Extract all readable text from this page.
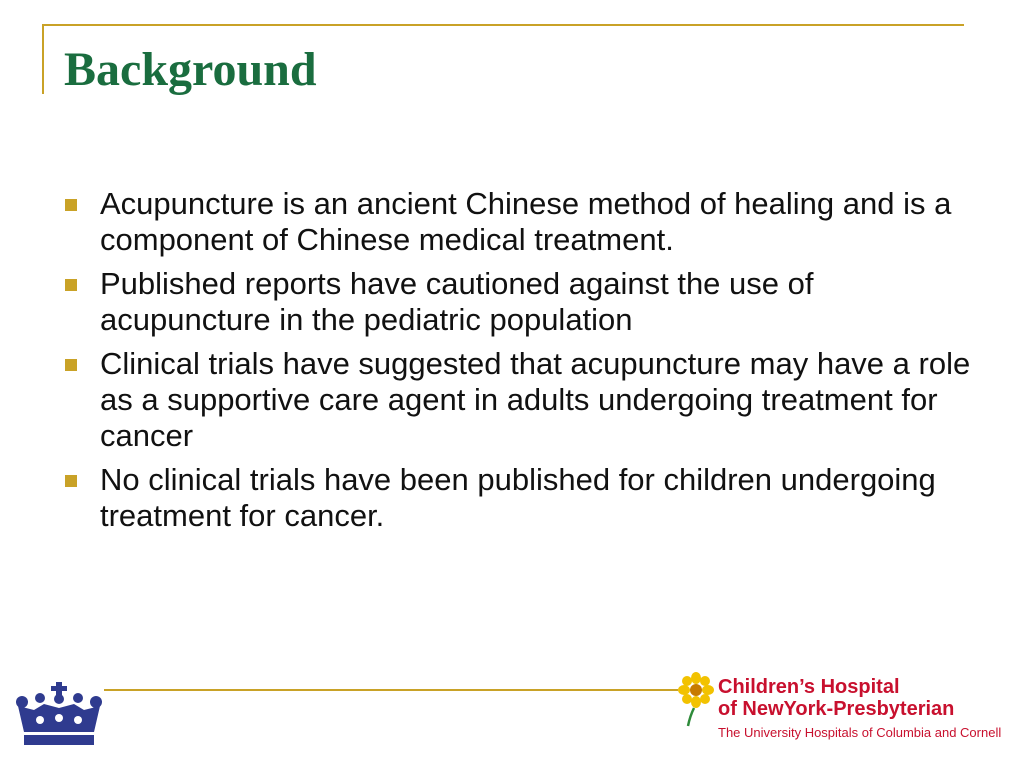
Background
Acupuncture is an ancient Chinese method of healing and is a component of Chinese medical treatment.
Published reports have cautioned against the use of acupuncture in the pediatric population
Clinical trials have suggested that acupuncture may have a role as a supportive care agent in adults undergoing treatment for cancer
No clinical trials have been published for children undergoing treatment for cancer.
Children’s Hospital
of NewYork-Presbyterian
The University Hospitals of Columbia and Cornell
